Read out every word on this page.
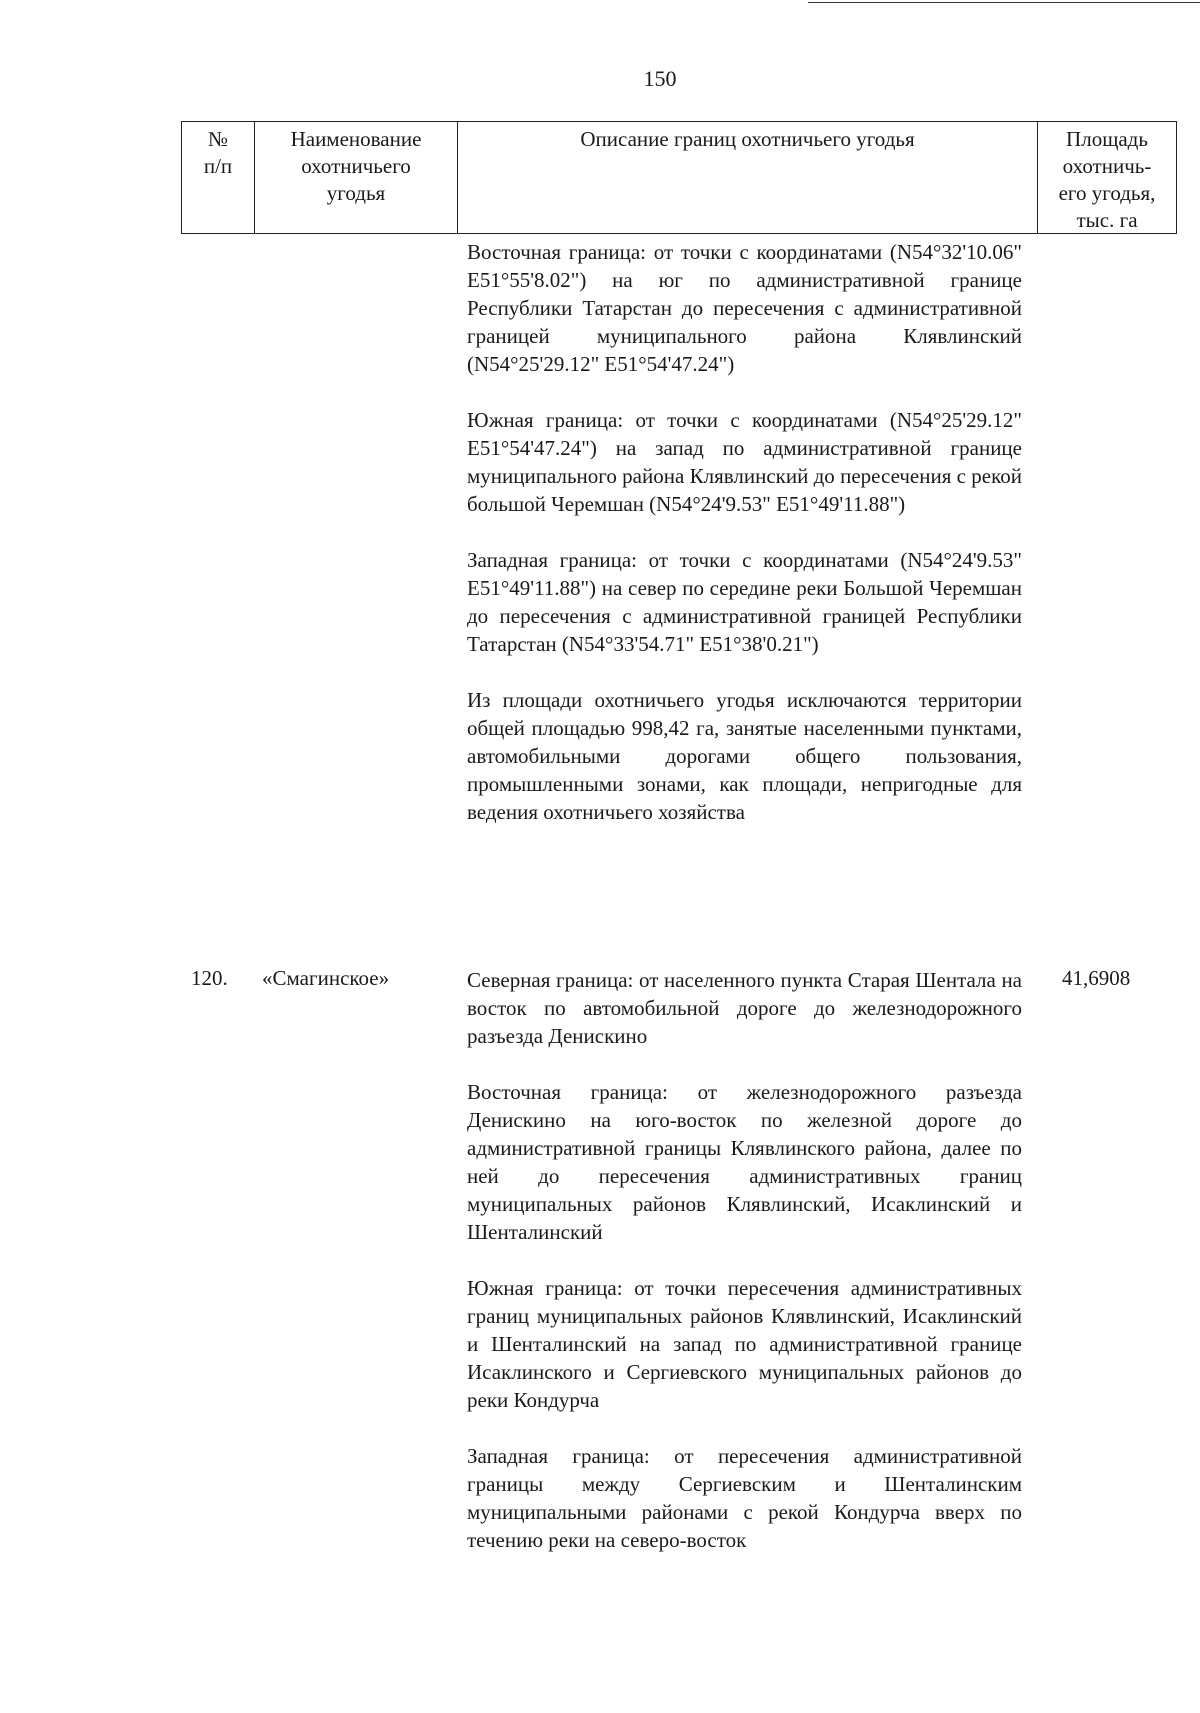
150
№
п/п
Наименование
охотничьего
угодья
Описание границ охотничьего угодья	Площадь
охотничь-
его угодья,
тыс. га

Восточная граница: от точки с координатами (N54°32'10.06" E51°55'8.02") на юг по административной границе Республики Татарстан до пересечения с административной границей муниципального района Клявлинский (N54°25'29.12" E51°54'47.24")

Южная граница: от точки с координатами (N54°25'29.12" E51°54'47.24") на запад по административной границе муниципального района Клявлинский до пересечения с рекой большой Черемшан (N54°24'9.53" E51°49'11.88")

Западная граница: от точки с координатами (N54°24'9.53" E51°49'11.88") на север по середине реки Большой Черемшан до пересечения с административной границей Республики Татарстан (N54°33'54.71" E51°38'0.21")

Из площади охотничьего угодья исключаются территории общей площадью 998,42 га, занятые населенными пунктами, автомобильными дорогами общего пользования, промышленными зонами, как площади, непригодные для ведения охотничьего хозяйства

120. «Смагинское»	41,6908

Северная граница: от населенного пункта Старая Шентала на восток по автомобильной дороге до железнодорожного разъезда Денискино

Восточная граница: от железнодорожного разъезда Денискино на юго-восток по железной дороге до административной границы Клявлинского района, далее по ней до пересечения административных границ муниципальных районов Клявлинский, Исаклинский и Шенталинский

Южная граница: от точки пересечения административных границ муниципальных районов Клявлинский, Исаклинский и Шенталинский на запад по административной границе Исаклинского и Сергиевского муниципальных районов до реки Кондурча

Западная граница: от пересечения административной границы между Сергиевским и Шенталинским муниципальными районами с рекой Кондурча вверх по течению реки на северо-восток
